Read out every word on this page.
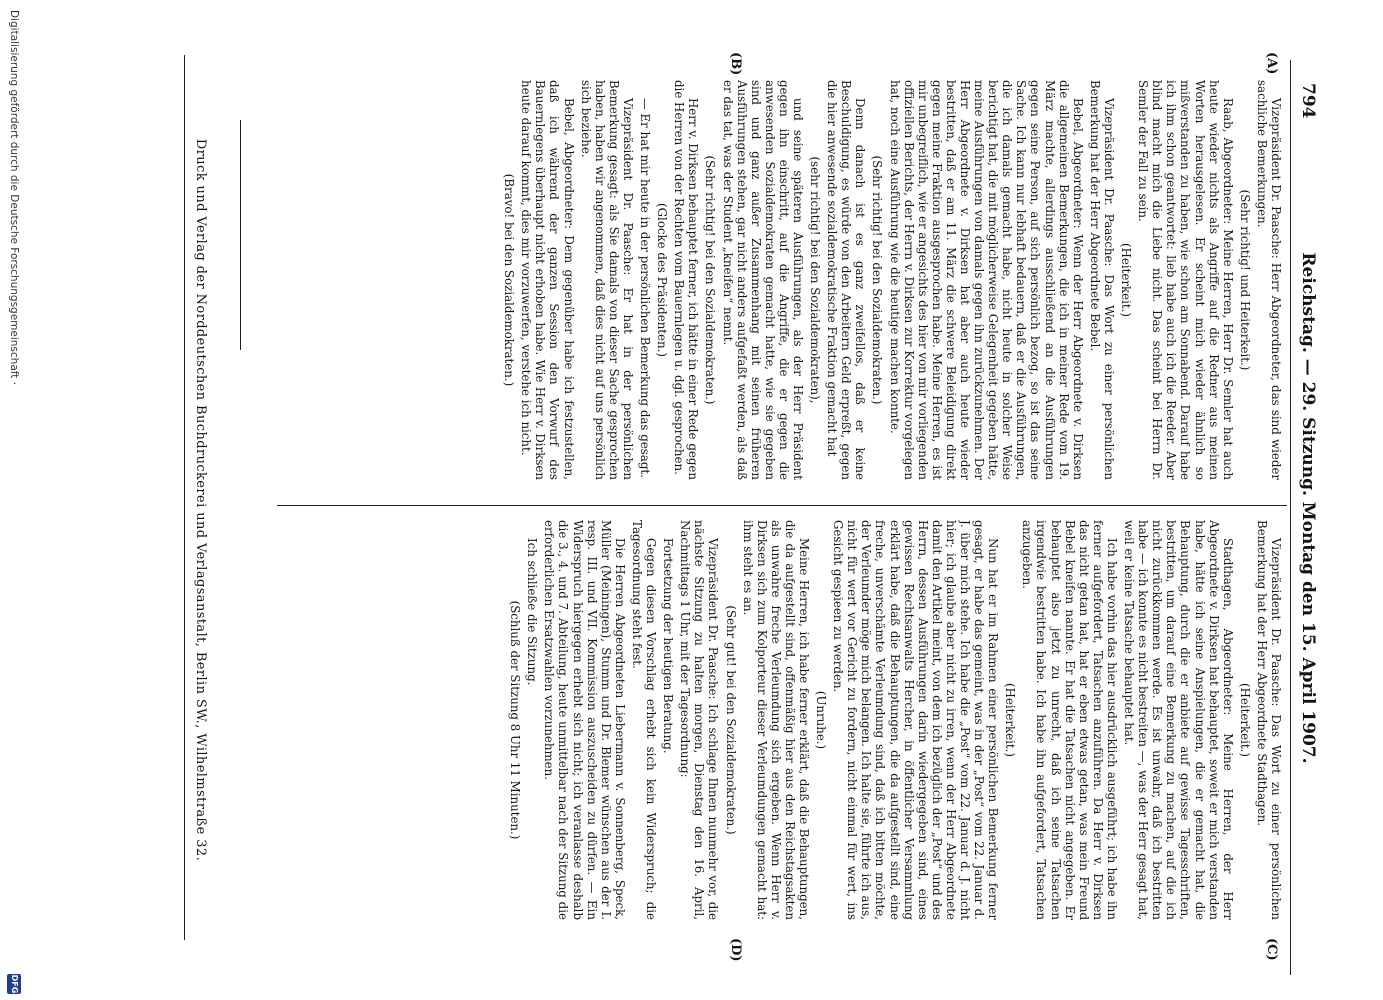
794
Reichstag. — 29. Sitzung. Montag den 15. April 1907.
(A)
(B)
(C)
(D)

Vizepräsident Dr. Paasche: Herr Abgeordneter, das sind wieder sachliche Bemerkungen.

(Sehr richtig! und Heiterkeit.)

Raab, Abgeordneter: Meine Herren, Herr Dr. Semler hat auch heute wieder nichts als Angriffe auf die Redner aus meinen Worten herausgelesen. Er scheint mich wieder ähnlich so mißverstanden zu haben, wie schon am Sonnabend. Darauf habe ich ihm schon geantwortet: lieb habe auch ich die Reeder. Aber blind macht mich die Liebe nicht. Das scheint bei Herrn Dr. Semler der Fall zu sein.

(Heiterkeit.)

Vizepräsident Dr. Paasche: Das Wort zu einer persönlichen Bemerkung hat der Herr Abgeordnete Bebel.

Bebel, Abgeordneter: Wenn der Herr Abgeordnete v. Dirksen die allgemeinen Bemerkungen, die ich in meiner Rede vom 19. März machte, allerdings ausschließend an die Ausführungen gegen seine Person, auf sich persönlich bezog, so ist das seine Sache. Ich kann nur lebhaft bedauern, daß er die Ausführungen, die ich damals gemacht habe, nicht heute in solcher Weise berichtigt hat, die mit möglicherweise Gelegenheit gegeben hätte, meine Ausführungen von damals gegen ihn zurückzunehmen. Der Herr Abgeordnete v. Dirksen hat aber auch heute wieder bestritten, daß er am 11. März die schwere Beleidigung direkt gegen meine Fraktion ausgesprochen habe. Meine Herren, es ist mir unbegreiflich, wie er angesichts des hier von mir vorliegenden offiziellen Berichts, der Herrn v. Dirksen zur Korrektur vorgelegen hat, noch eine Ausführung wie die heutige machen konnte.

(Sehr richtig! bei den Sozialdemokraten.)

Denn danach ist es ganz zweifellos, daß er keine Beschuldigung, es würde von den Arbeitern Geld erpreßt, gegen die hier anwesende sozialdemokratische Fraktion gemacht hat

(sehr richtig! bei den Sozialdemokraten),

und seine späteren Ausführungen, als der Herr Präsident gegen ihn einschritt, auf die Angriffe, die er gegen die anwesenden Sozialdemokraten gemacht hatte, wie sie gegeben sind und ganz außer Zusammenhang mit seinen früheren Ausführungen stehen, gar nicht anders aufgefaßt werden, als daß er das tat, was der Student „kneifen“ nennt.

(Sehr richtig! bei den Sozialdemokraten.)

Herr v. Dirksen behauptet ferner, ich hätte in einer Rede gegen die Herren von der Rechten vom Bauernlegen u. dgl. gesprochen.

(Glocke des Präsidenten.)

— Er hat mir heute in der persönlichen Bemerkung das gesagt.

Vizepräsident Dr. Paasche: Er hat in der persönlichen Bemerkung gesagt: als Sie damals von dieser Sache gesprochen haben, haben wir angenommen, daß dies nicht auf uns persönlich sich beziehe.

Bebel, Abgeordneter: Dem gegenüber habe ich festzustellen, daß ich während der ganzen Session den Vorwurf des Bauernlegens überhaupt nicht erhoben habe. Wie Herr v. Dirksen heute darauf kommt, dies mir vorzuwerfen, verstehe ich nicht.

(Bravo! bei den Sozialdemokraten.)

Vizepräsident Dr. Paasche: Das Wort zu einer persönlichen Bemerkung hat der Herr Abgeordnete Stadthagen.

(Heiterkeit.)

Stadthagen, Abgeordneter: Meine Herren, der Herr Abgeordnete v. Dirksen hat behauptet, soweit er mich verstanden habe, hätte ich seine Anspielungen, die er gemacht hat, die Behauptung, durch die er anbiete auf gewisse Tagesschriften, bestritten, um darauf eine Bemerkung zu machen, auf die ich nicht zurückkommen werde. Es ist unwahr, daß ich bestritten habe — ich konnte es nicht bestreiten —, was der Herr gesagt hat, weil er keine Tatsache behauptet hat.

Ich habe vorhin das hier ausdrücklich ausgeführt; ich habe ihn ferner aufgefordert, Tatsachen anzuführen. Da Herr v. Dirksen das nicht getan hat, hat er eben etwas getan, was mein Freund Bebel kneifen nannte. Er hat die Tatsachen nicht angegeben. Er behauptet also jetzt zu unrecht, daß ich seine Tatsachen irgendwie bestritten habe. Ich habe ihn aufgefordert, Tatsachen anzugeben.

(Heiterkeit.)

Nun hat er im Rahmen einer persönlichen Bemerkung ferner gesagt, er habe das gemeint, was in der „Post“ vom 22. Januar d. J. über mich stehe. Ich habe die „Post“ vom 22. Januar d. J. nicht hier; ich glaube aber nicht zu irren, wenn der Herr Abgeordnete damit den Artikel meint, von dem ich bezüglich der „Post“ und des Herrn, dessen Ausführungen darin wiedergegeben sind, eines gewissen Rechtsanwalts Hercher, in öffentlicher Versammlung erklärt habe, daß die Behauptungen, die da aufgestellt sind, eine freche, unverschämte Verleumdung sind, daß ich bitten möchte, der Verleumder möge mich belangen. Ich halte sie, führte ich aus, nicht für wert vor Gericht zu fordern, nicht einmal für wert, ins Gesicht gespieen zu werden.

(Unruhe.)

Meine Herren, ich habe ferner erklärt, daß die Behauptungen, die da aufgestellt sind, offenmäßig hier aus den Reichstagsakten als unwahre freche Verleumdung sich ergeben. Wenn Herr v. Dirksen sich zum Kolporteur dieser Verleumdungen gemacht hat: ihm steht es an.

(Sehr gut! bei den Sozialdemokraten.)

Vizepräsident Dr. Paasche: Ich schlage Ihnen nunmehr vor, die nächste Sitzung zu halten morgen, Dienstag den 16. April, Nachmittags 1 Uhr, mit der Tagesordnung:

Fortsetzung der heutigen Beratung.

Gegen diesen Vorschlag erhebt sich kein Widerspruch; die Tagesordnung steht fest.

Die Herren Abgeordneten Liebermann v. Sonnenberg, Speck, Müller (Meiningen), Stumm und Dr. Blemer wünschen aus der I. resp. III. und VII. Kommission auszuscheiden zu dürfen. — Ein Widerspruch hiergegen erhebt sich nicht; ich veranlasse deshalb die 3., 4. und 7. Abteilung, heute unmittelbar nach der Sitzung die erforderlichen Ersatzwahlen vorzunehmen.

Ich schließe die Sitzung.

(Schluß der Sitzung 8 Uhr 11 Minuten.)

Druck und Verlag der Norddeutschen Buchdruckerei und Verlagsanstalt, Berlin SW., Wilhelmstraße 32.
Digitalisierung gefördert durch die Deutsche Forschungsgemeinschaft ·
DFG
